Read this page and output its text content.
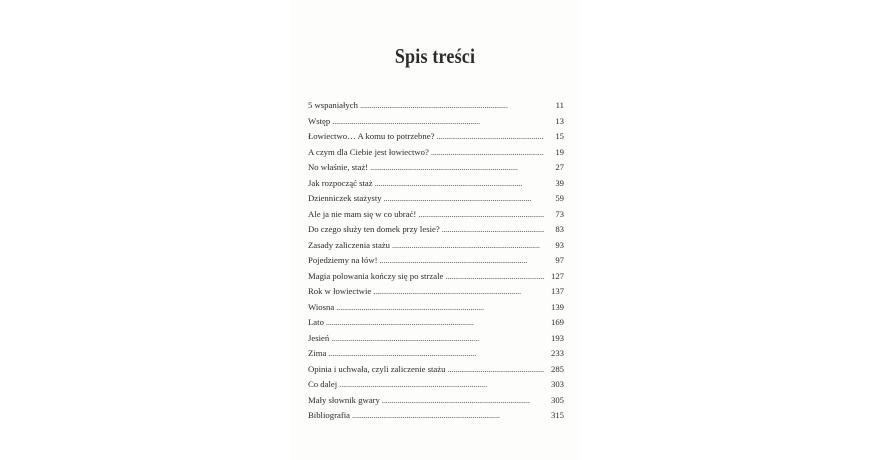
Spis treści
5 wspaniałych . . .	11
Wstęp . . .	13
Łowiectwo… A komu to potrzebne? . . .	15
A czym dla Ciebie jest łowiectwo? . . .	19
No właśnie, staż! . . .	27
Jak rozpocząć staż . . .	39
Dzienniczek stażysty . . .	59
Ale ja nie mam się w co ubrać! . . .	73
Do czego służy ten domek przy lesie? . . .	83
Zasady zaliczenia stażu . . .	93
Pojedziemy na łów! . . .	97
Magia polowania kończy się po strzale . . .	127
Rok w łowiectwie . . .	137
Wiosna . . .	139
Lato . . .	169
Jesień . . .	193
Zima . . .	233
Opinia i uchwała, czyli zaliczenie stażu . . .	285
Co dalej . . .	303
Mały słownik gwary . . .	305
Bibliografia . . .	315
